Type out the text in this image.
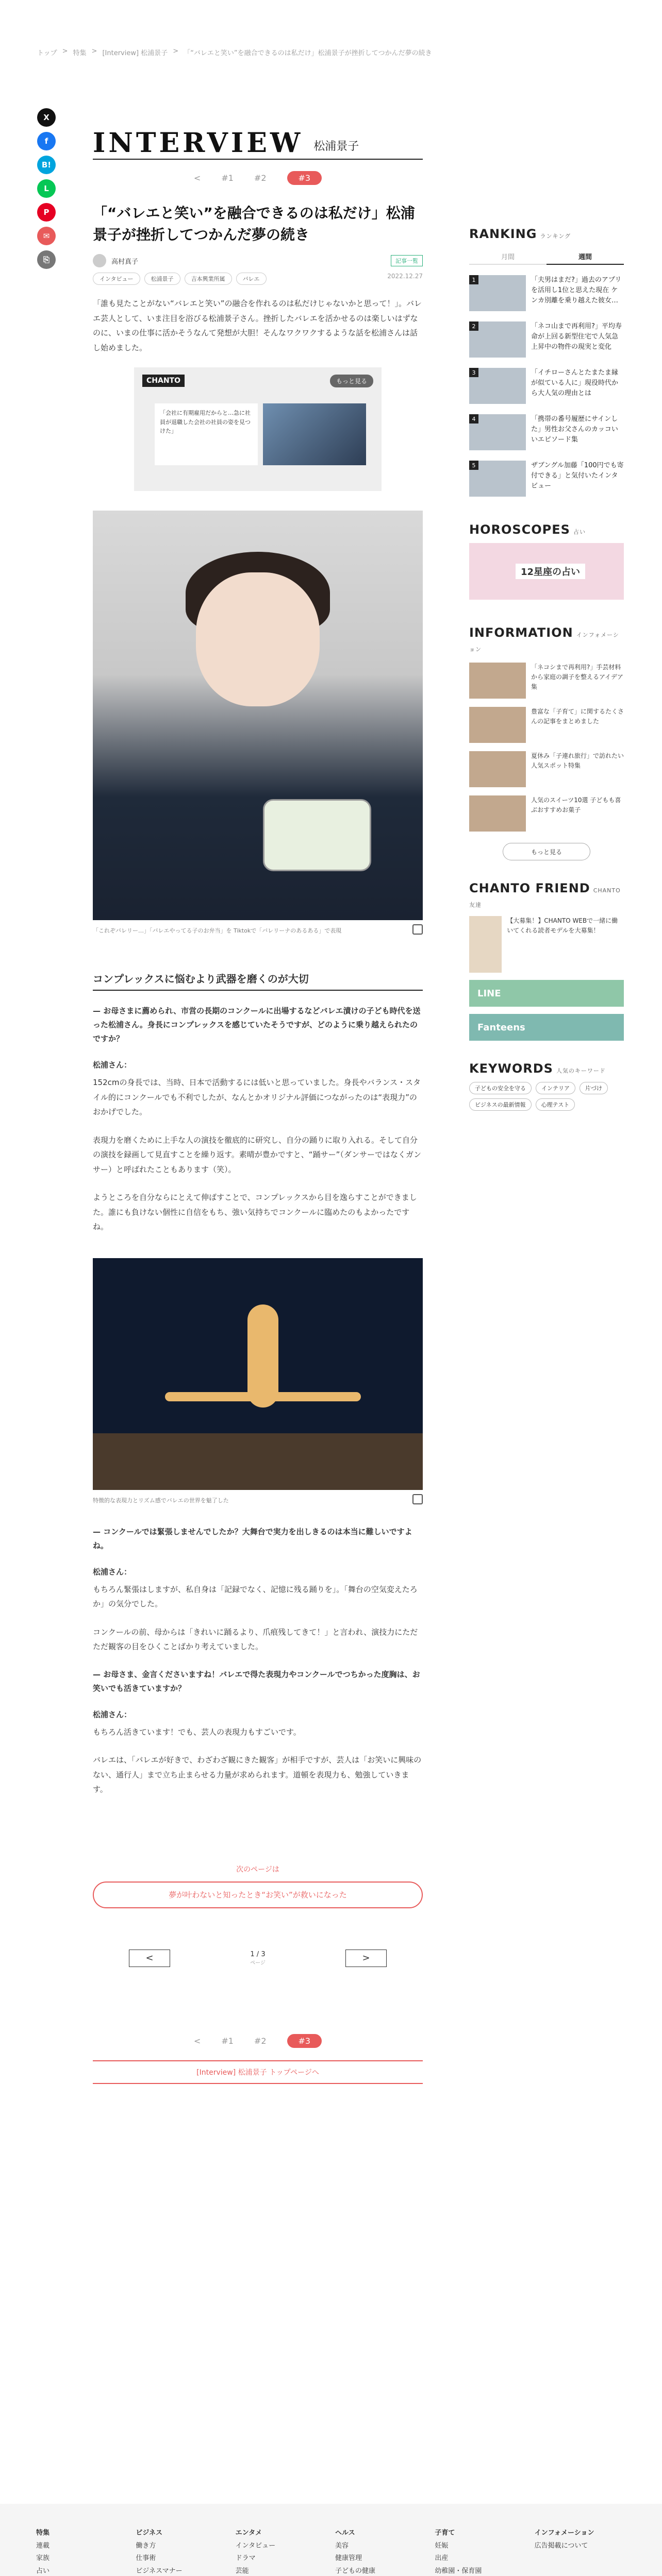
トップ > 特集 > [Interview] 松浦景子 > 「“バレエと笑い”を融合できるのは私だけ」松浦景子が挫折してつかんだ夢の続き
X
f
B!
L
P
✉
⎘
INTERVIEW 松浦景子
<	#1	#2	#3
「“バレエと笑い”を融合できるのは私だけ」松浦景子が挫折してつかんだ夢の続き
高村真子	記事一覧
インタビュー	松浦景子	吉本興業所属	バレエ	2022.12.27

「誰も見たことがない“バレエと笑い”の融合を作れるのは私だけじゃないかと思って！」。バレエ芸人として、いま注目を浴びる松浦景子さん。挫折したバレエを活かせるのは楽しいはずなのに、いまの仕事に活かそうなんて発想が大胆！そんなワクワクするような話を松浦さんは話し始めました。

CHANTO	もっと見る
「会社に有期雇用だからと…急に社員が退職した会社の社員の姿を見つけた」

「これぞバレリー…」「バレエやってる子のお弁当」を Tiktokで「バレリーナのあるある」で表現

コンプレックスに悩むより武器を磨くのが大切

— お母さまに薦められ、市営の長期のコンクールに出場するなどバレエ漬けの子ども時代を送った松浦さん。身長にコンプレックスを感じていたそうですが、どのように乗り越えられたのですか？

松浦さん：

152cmの身長では、当時、日本で活動するには低いと思っていました。身長やバランス・スタイル的にコンクールでも不利でしたが、なんとかオリジナル評価につながったのは“表現力”のおかげでした。

表現力を磨くために上手な人の演技を徹底的に研究し、自分の踊りに取り入れる。そして自分の演技を録画して見直すことを繰り返す。素晴が豊かですと、“踊サー”（ダンサーではなくガンサー）と呼ばれたこともあります（笑）。

ようところを自分ならにとえて伸ばすことで、コンプレックスから目を逸らすことができました。誰にも負けない個性に自信をもち、強い気持ちでコンクールに臨めたのもよかったですね。

特徴的な表現力とリズム感でバレエの世界を魅了した

— コンクールでは緊張しませんでしたか？大舞台で実力を出しきるのは本当に難しいですよね。

松浦さん：

もちろん緊張はしますが、私自身は「記録でなく、記憶に残る踊りを」。「舞台の空気変えたろか」の気分でした。

コンクールの前、母からは「きれいに踊るより、爪痕残してきて！」と言われ、演技力にただただ観客の目をひくことばかり考えていました。

— お母さま、金言くださいますね！バレエで得た表現力やコンクールでつちかった度胸は、お笑いでも活きていますか？

松浦さん：

もちろん活きています！でも、芸人の表現力もすごいです。

バレエは、「バレエが好きで、わざわざ観にきた観客」が相手ですが、芸人は「お笑いに興味のない、通行人」まで立ち止まらせる力量が求められます。道頓を表現力も、勉強していきます。

次のページは

夢が叶わないと知ったとき“お笑い”が救いになった
<	1 / 3
ページ	>
<	#1	#2	#3
[Interview] 松浦景子 トップページへ
RANKING ランキング
月間	週間
1	「夫男はまだ?」過去のアプリを活用し1位と思えた現在 ケンカ別離を乗り越えた彼女…

2	「ネコ山まで再利用?」平均寿命が上回る新型住宅で人気急上昇中の物件の現実と変化

3	「イチローさんとたまたま縁が似ている人に」現役時代から大人気の理由とは

4	「携帯の番号履歴にサインした」男性お父さんのカッコいいエピソード集

5	ザブングル加藤「100円でも寄付できる」と気付いたインタビュー

HOROSCOPES 占い
12星座の占い
INFORMATION インフォメーション

「ネコシまで再利用?」手芸材料から家庭の調子を整えるアイデア集

豊富な「子育て」に関するたくさんの記事をまとめました

夏休み「子連れ旅行」で訪れたい人気スポット特集

人気のスイーツ10選 子どもも喜ぶおすすめお菓子

もっと見る
CHANTO FRIEND CHANTO友達

【大募集！】CHANTO WEBで一緒に働いてくれる読者モデルを大募集！

LINE
Fanteens
KEYWORDS 人気のキーワード
子どもの安全を守る	インテリア	片づけ
ビジネスの最新情報	心理テスト

特集

連載

家族

占い

ビジネス

働き方

仕事術

ビジネスマナー

エンタメ

インタビュー

ドラマ

芸能

ヘルス

美容

健康管理

子どもの健康

子育て

妊娠

出産

幼稚園・保育園

インフォメーション

広告掲載について
